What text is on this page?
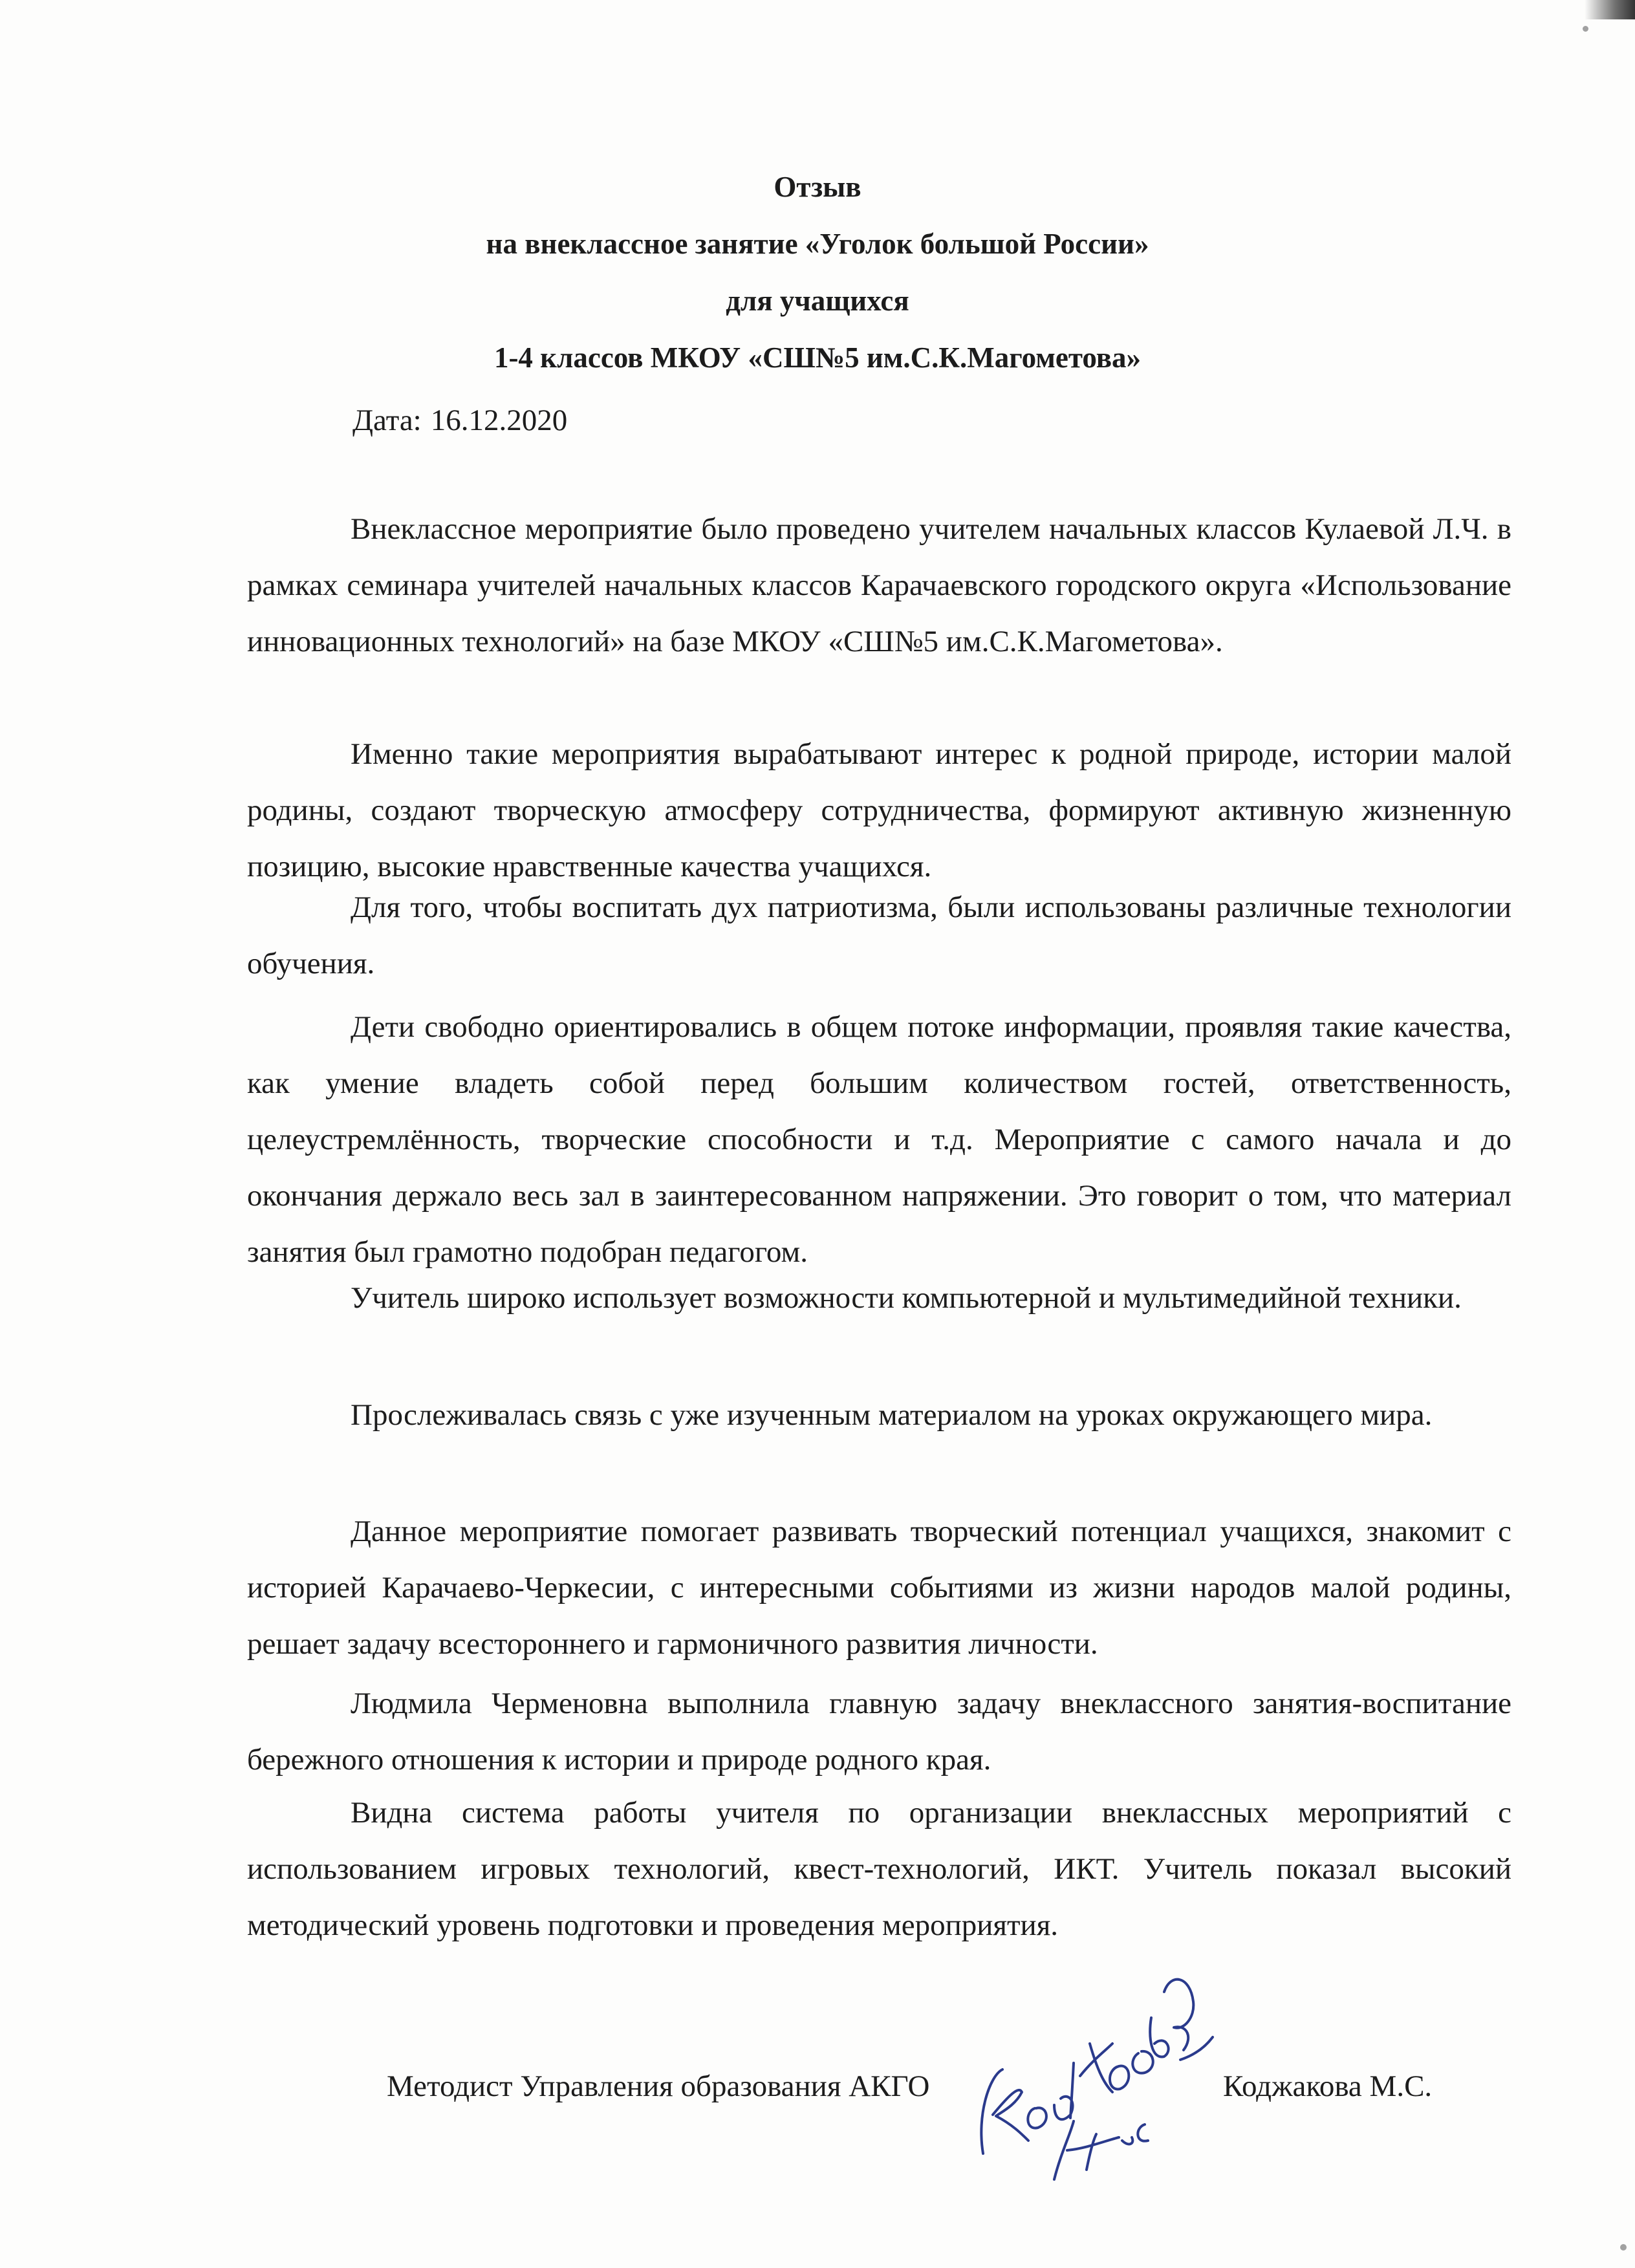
Отзыв
на внеклассное занятие «Уголок большой России»
для учащихся
1-4 классов МКОУ «СШ№5 им.С.К.Магометова»
Дата: 16.12.2020

Внеклассное мероприятие было проведено учителем начальных классов Кулаевой Л.Ч. в рамках семинара учителей начальных классов Карачаевского городского округа «Использование инновационных технологий» на базе МКОУ «СШ№5 им.С.К.Магометова».

Именно такие мероприятия вырабатывают интерес к родной природе, истории малой родины, создают творческую атмосферу сотрудничества, формируют активную жизненную позицию, высокие нравственные качества учащихся.

Для того, чтобы воспитать дух патриотизма, были использованы различные технологии обучения.

Дети свободно ориентировались в общем потоке информации, проявляя такие качества, как умение владеть собой перед большим количеством гостей, ответственность, целеустремлённость, творческие способности и т.д. Мероприятие с самого начала и до окончания держало весь зал в заинтересованном напряжении. Это говорит о том, что материал занятия был грамотно подобран педагогом.

Учитель широко использует возможности компьютерной и мультимедийной техники.

Прослеживалась связь с уже изученным материалом на уроках окружающего мира.

Данное мероприятие помогает развивать творческий потенциал учащихся, знакомит с историей Карачаево-Черкесии, с интересными событиями из жизни народов малой родины, решает задачу всестороннего и гармоничного развития личности.

Людмила Черменовна выполнила главную задачу внеклассного занятия-воспитание бережного отношения к истории и природе родного края.

Видна система работы учителя по организации внеклассных мероприятий с использованием игровых технологий, квест-технологий, ИКТ. Учитель показал высокий методический уровень подготовки и проведения мероприятия.

Методист Управления образования АКГО	Коджакова М.С.
